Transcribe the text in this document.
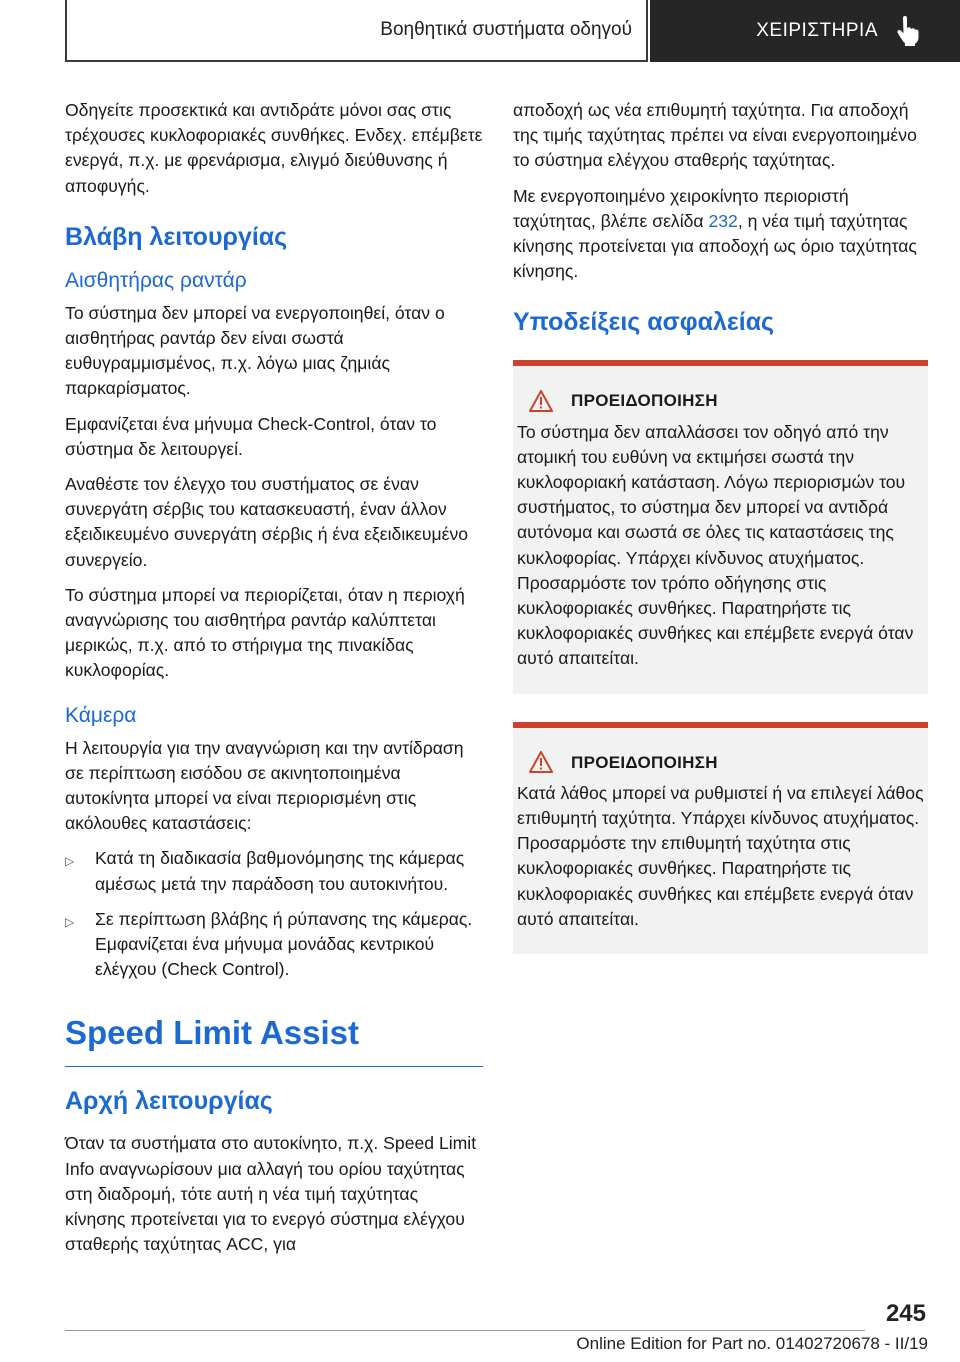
Βοηθητικά συστήματα οδηγού	ΧΕΙΡΙΣΤΗΡΙΑ

Οδηγείτε προσεκτικά και αντιδράτε μόνοι σας στις τρέχουσες κυκλοφοριακές συνθήκες. Ενδεχ. επέμβετε ενεργά, π.χ. με φρενάρισμα, ελιγμό διεύθυνσης ή αποφυγής.

Βλάβη λειτουργίας
Αισθητήρας ραντάρ

Το σύστημα δεν μπορεί να ενεργοποιηθεί, όταν ο αισθητήρας ραντάρ δεν είναι σωστά ευθυγραμμισμένος, π.χ. λόγω μιας ζημιάς παρκαρίσματος.

Εμφανίζεται ένα μήνυμα Check-Control, όταν το σύστημα δε λειτουργεί.

Αναθέστε τον έλεγχο του συστήματος σε έναν συνεργάτη σέρβις του κατασκευαστή, έναν άλλον εξειδικευμένο συνεργάτη σέρβις ή ένα εξειδικευμένο συνεργείο.

Το σύστημα μπορεί να περιορίζεται, όταν η περιοχή αναγνώρισης του αισθητήρα ραντάρ καλύπτεται μερικώς, π.χ. από το στήριγμα της πινακίδας κυκλοφορίας.

Κάμερα

Η λειτουργία για την αναγνώριση και την αντίδραση σε περίπτωση εισόδου σε ακινητοποιημένα αυτοκίνητα μπορεί να είναι περιορισμένη στις ακόλουθες καταστάσεις:

▷	Κατά τη διαδικασία βαθμονόμησης της κάμερας αμέσως μετά την παράδοση του αυτοκινήτου.
▷	Σε περίπτωση βλάβης ή ρύπανσης της κάμερας. Εμφανίζεται ένα μήνυμα μονάδας κεντρικού ελέγχου (Check Control).
Speed Limit Assist
Αρχή λειτουργίας

Όταν τα συστήματα στο αυτοκίνητο, π.χ. Speed Limit Info αναγνωρίσουν μια αλλαγή του ορίου ταχύτητας στη διαδρομή, τότε αυτή η νέα τιμή ταχύτητας κίνησης προτείνεται για το ενεργό σύστημα ελέγχου σταθερής ταχύτητας ACC, για

αποδοχή ως νέα επιθυμητή ταχύτητα. Για αποδοχή της τιμής ταχύτητας πρέπει να είναι ενεργοποιημένο το σύστημα ελέγχου σταθερής ταχύτητας.

Με ενεργοποιημένο χειροκίνητο περιοριστή ταχύτητας, βλέπε σελίδα 232, η νέα τιμή ταχύτητας κίνησης προτείνεται για αποδοχή ως όριο ταχύτητας κίνησης.

Υποδείξεις ασφαλείας
ΠΡΟΕΙΔΟΠΟΙΗΣΗ

Το σύστημα δεν απαλλάσσει τον οδηγό από την ατομική του ευθύνη να εκτιμήσει σωστά την κυκλοφοριακή κατάσταση. Λόγω περιορισμών του συστήματος, το σύστημα δεν μπορεί να αντιδρά αυτόνομα και σωστά σε όλες τις καταστάσεις της κυκλοφορίας. Υπάρχει κίνδυνος ατυχήματος. Προσαρμόστε τον τρόπο οδήγησης στις κυκλοφοριακές συνθήκες. Παρατηρήστε τις κυκλοφοριακές συνθήκες και επέμβετε ενεργά όταν αυτό απαιτείται.

ΠΡΟΕΙΔΟΠΟΙΗΣΗ

Κατά λάθος μπορεί να ρυθμιστεί ή να επιλεγεί λάθος επιθυμητή ταχύτητα. Υπάρχει κίνδυνος ατυχήματος. Προσαρμόστε την επιθυμητή ταχύτητα στις κυκλοφοριακές συνθήκες. Παρατηρήστε τις κυκλοφοριακές συνθήκες και επέμβετε ενεργά όταν αυτό απαιτείται.

245
Online Edition for Part no. 01402720678 - II/19
